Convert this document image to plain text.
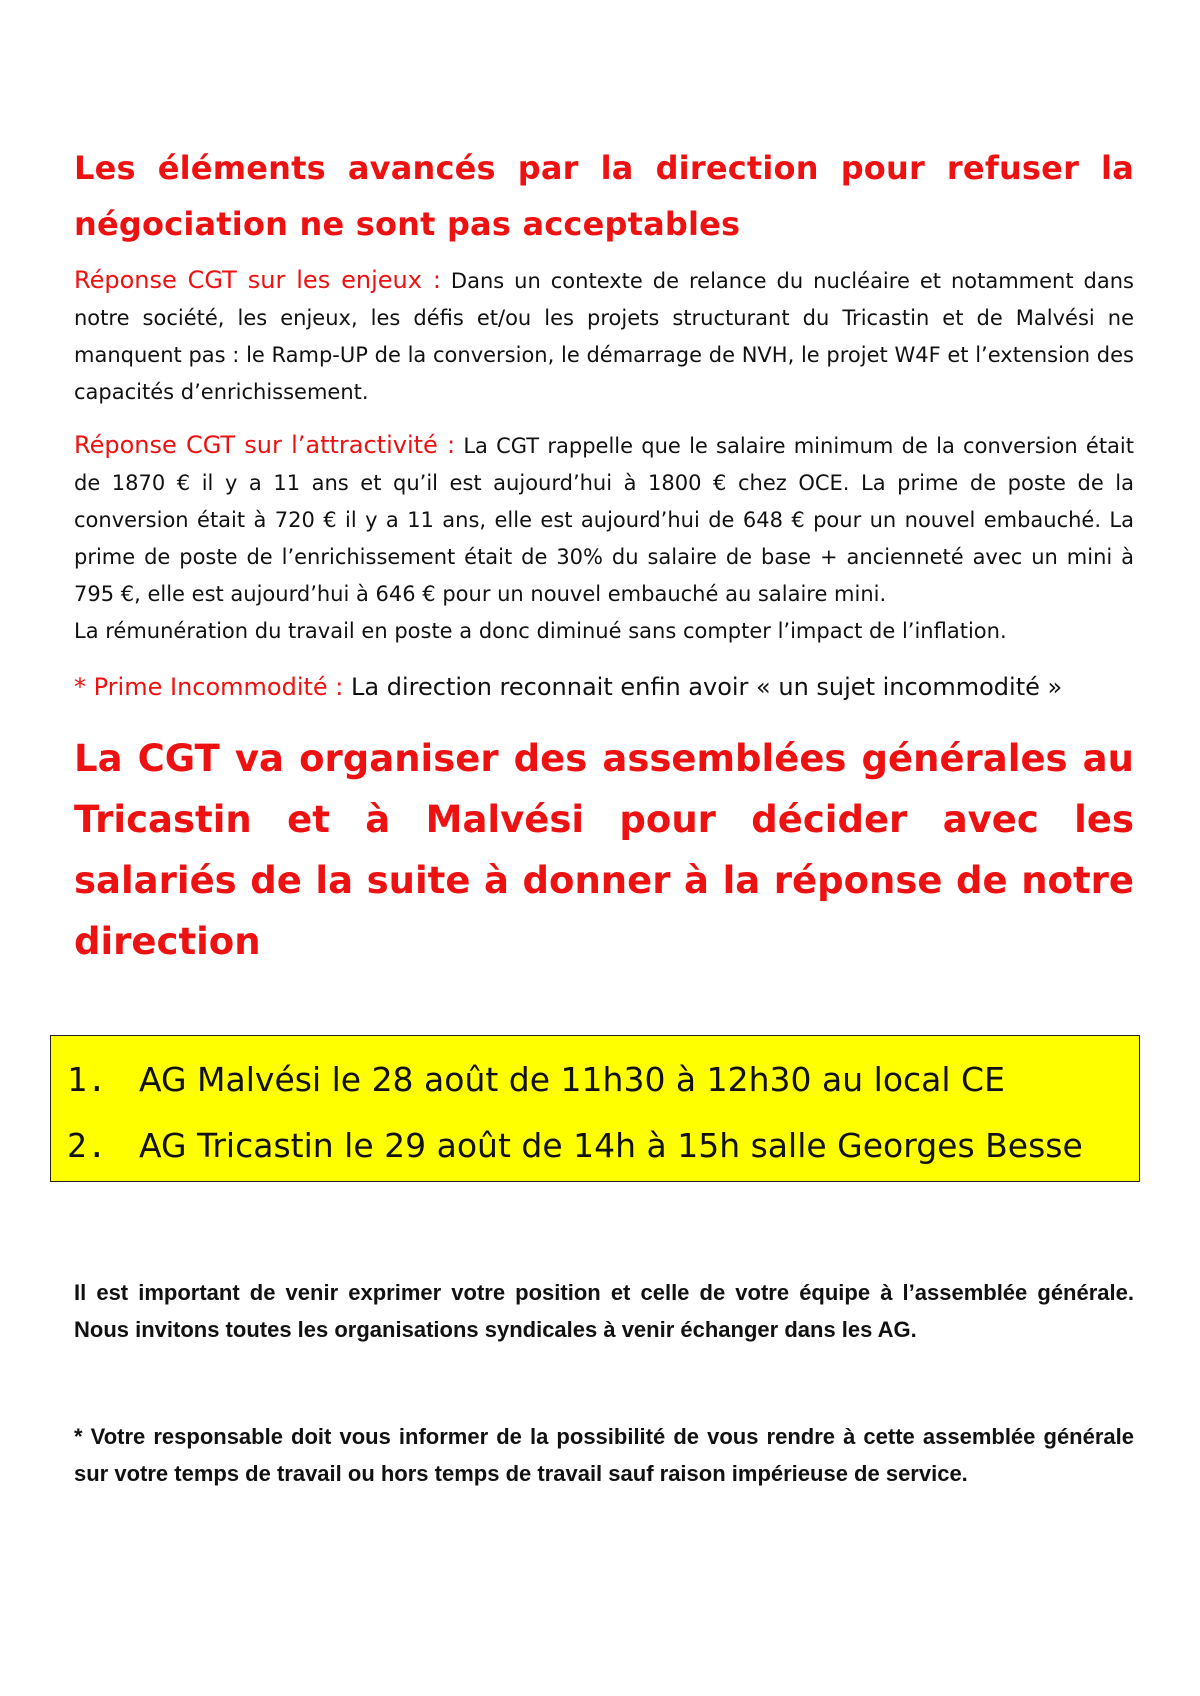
Les éléments avancés par la direction pour refuser la négociation ne sont pas acceptables

Réponse CGT sur les enjeux : Dans un contexte de relance du nucléaire et notamment dans notre société, les enjeux, les défis et/ou les projets structurant du Tricastin et de Malvési ne manquent pas : le Ramp-UP de la conversion, le démarrage de NVH, le projet W4F et l’extension des capacités d’enrichissement.

Réponse CGT sur l’attractivité : La CGT rappelle que le salaire minimum de la conversion était de 1870 € il y a 11 ans et qu’il est aujourd’hui à 1800 € chez OCE. La prime de poste de la conversion était à 720 € il y a 11 ans, elle est aujourd’hui de 648 € pour un nouvel embauché. La prime de poste de l’enrichissement était de 30% du salaire de base + ancienneté avec un mini à 795 €, elle est aujourd’hui à 646 € pour un nouvel embauché au salaire mini.
La rémunération du travail en poste a donc diminué sans compter l’impact de l’inflation.

* Prime Incommodité : La direction reconnait enfin avoir « un sujet incommodité »

La CGT va organiser des assemblées générales au Tricastin et à Malvési pour décider avec les salariés de la suite à donner à la réponse de notre direction
1. AG Malvési le 28 août de 11h30 à 12h30 au local CE
2. AG Tricastin le 29 août de 14h à 15h salle Georges Besse

Il est important de venir exprimer votre position et celle de votre équipe à l’assemblée générale. Nous invitons toutes les organisations syndicales à venir échanger dans les AG.

* Votre responsable doit vous informer de la possibilité de vous rendre à cette assemblée générale sur votre temps de travail ou hors temps de travail sauf raison impérieuse de service.
